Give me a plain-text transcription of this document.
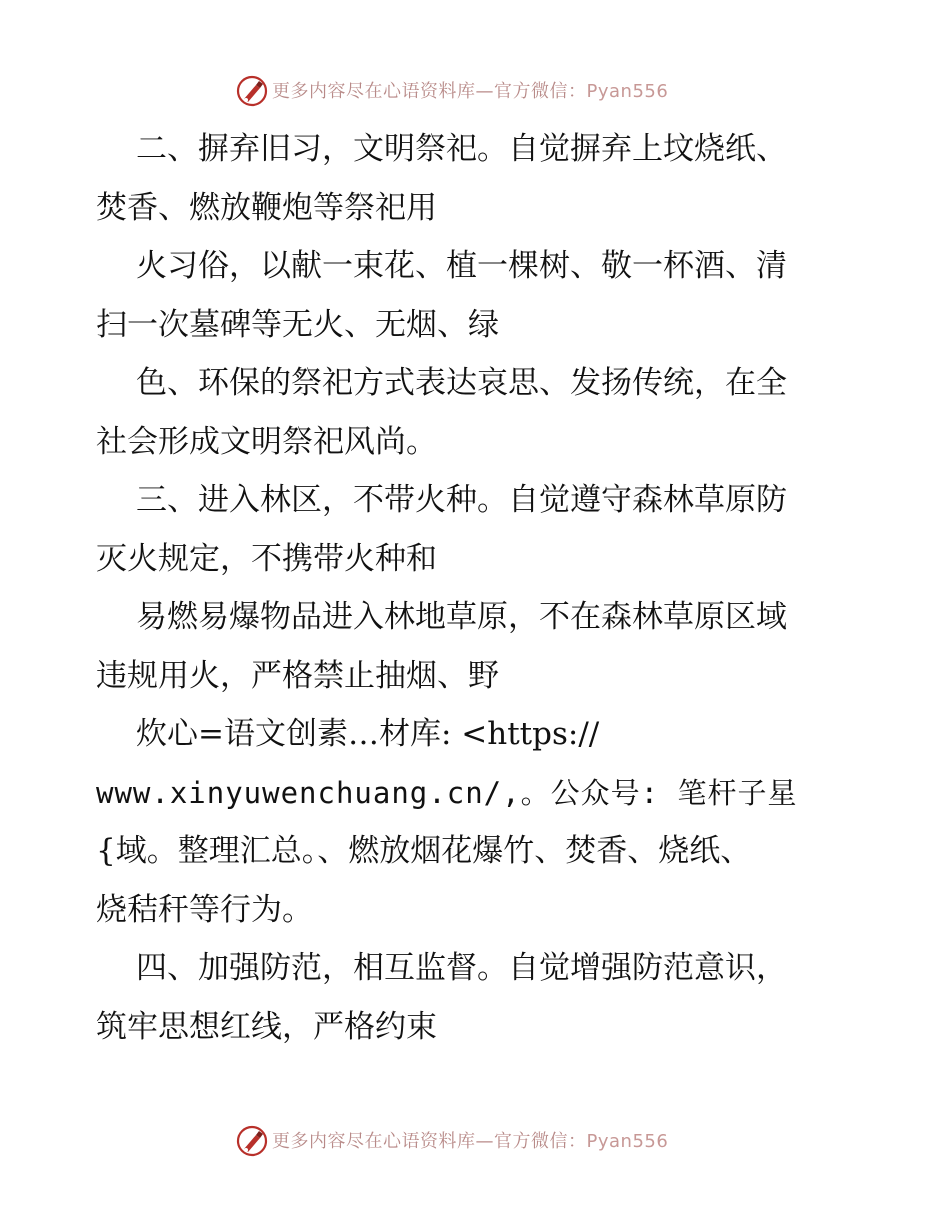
更多内容尽在心语资料库—官方微信：Pyan556
二、摒弃旧习，文明祭祀。自觉摒弃上坟烧纸、
焚香、燃放鞭炮等祭祀用
火习俗，以献一束花、植一棵树、敬一杯酒、清
扫一次墓碑等无火、无烟、绿
色、环保的祭祀方式表达哀思、发扬传统，在全
社会形成文明祭祀风尚。
三、进入林区，不带火种。自觉遵守森林草原防
灭火规定，不携带火种和
易燃易爆物品进入林地草原，不在森林草原区域
违规用火，严格禁止抽烟、野
炊心=语文创素…材库: <https://
www.xinyuwenchuang.cn/,。公众号: 笔杆子星
{域。整理汇总。、燃放烟花爆竹、焚香、烧纸、
烧秸秆等行为。
四、加强防范，相互监督。自觉增强防范意识，
筑牢思想红线，严格约束
更多内容尽在心语资料库—官方微信：Pyan556
